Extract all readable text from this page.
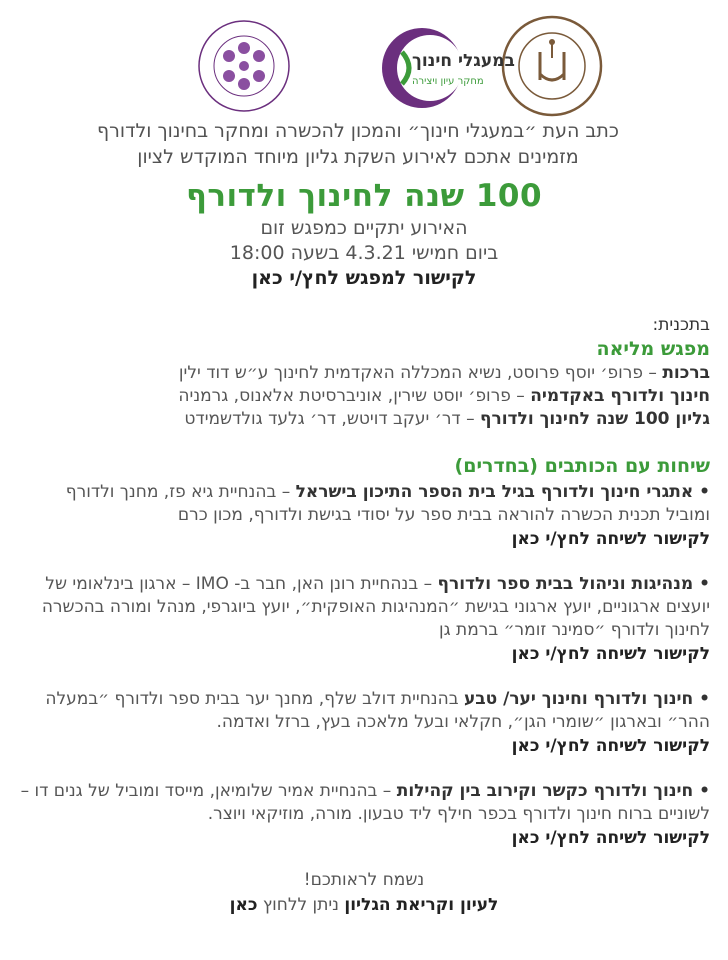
במעגלי חינוך
מחקר עיון ויצירה
כתב העת ״במעגלי חינוך״ והמכון להכשרה ומחקר בחינוך ולדורף
מזמינים אתכם לאירוע השקת גליון מיוחד המוקדש לציון
100 שנה לחינוך ולדורף
האירוע יתקיים כמפגש זום
ביום חמישי 4.3.21 בשעה 18:00
לקישור למפגש לחץ/י כאן
בתכנית:
מפגש מליאה
ברכות – פרופ׳ יוסף פרוסט, נשיא המכללה האקדמית לחינוך ע״ש דוד ילין
חינוך ולדורף באקדמיה – פרופ׳ יוסט שירין, אוניברסיטת אלאנוס, גרמניה
גליון 100 שנה לחינוך ולדורף – דר׳ יעקב דויטש, דר׳ גלעד גולדשמידט
שיחות עם הכותבים (בחדרים)
• אתגרי חינוך ולדורף בגיל בית הספר התיכון בישראל – בהנחיית גיא פז, מחנך ולדורף ומוביל תכנית הכשרה להוראה בבית ספר על יסודי בגישת ולדורף, מכון כרם
לקישור לשיחה לחץ/י כאן
• מנהיגות וניהול בבית ספר ולדורף – בנהחיית רונן האן, חבר ב- IMO – ארגון בינלאומי של יועצים ארגוניים, יועץ ארגוני בגישת ״המנהיגות האופקית״, יועץ ביוגרפי, מנהל ומורה בהכשרה לחינוך ולדורף ״סמינר זומר״ ברמת גן
לקישור לשיחה לחץ/י כאן
• חינוך ולדורף וחינוך יער/ טבע בהנחיית דולב שלף, מחנך יער בבית ספר ולדורף ״במעלה ההר״ ובארגון ״שומרי הגן״, חקלאי ובעל מלאכה בעץ, ברזל ואדמה.
לקישור לשיחה לחץ/י כאן
• חינוך ולדורף כקשר וקירוב בין קהילות – בהנחיית אמיר שלומיאן, מייסד ומוביל של גנים דו – לשוניים ברוח חינוך ולדורף בכפר חילף ליד טבעון. מורה, מוזיקאי ויוצר.
לקישור לשיחה לחץ/י כאן
נשמח לראותכם!
לעיון וקריאת הגליון ניתן ללחוץ כאן
